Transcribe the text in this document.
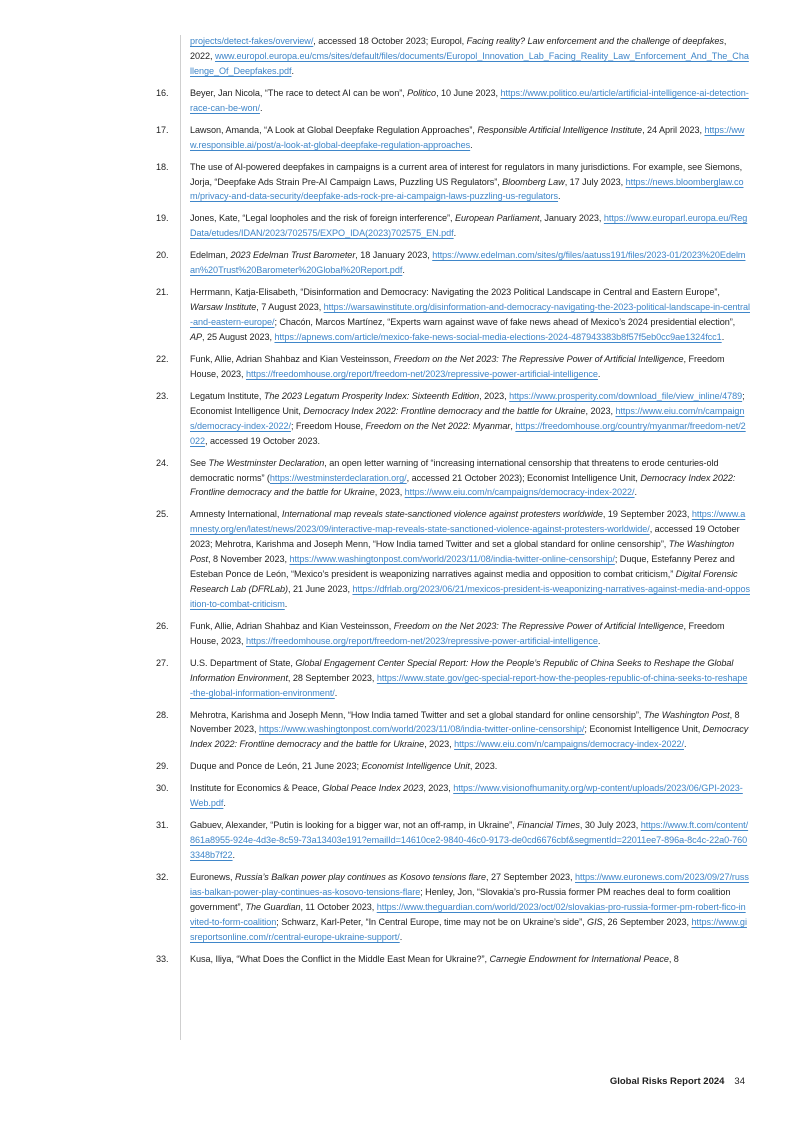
projects/detect-fakes/overview/, accessed 18 October 2023; Europol, Facing reality? Law enforcement and the challenge of deepfakes, 2022, www.europol.europa.eu/cms/sites/default/files/documents/Europol_Innovation_Lab_Facing_Reality_Law_Enforcement_And_The_Challenge_Of_Deepfakes.pdf.
16.	Beyer, Jan Nicola, “The race to detect AI can be won”, Politico, 10 June 2023, https://www.politico.eu/article/artificial-intelligence-ai-detection-race-can-be-won/.
17.	Lawson, Amanda, “A Look at Global Deepfake Regulation Approaches”, Responsible Artificial Intelligence Institute, 24 April 2023, https://www.responsible.ai/post/a-look-at-global-deepfake-regulation-approaches.
18.	The use of AI-powered deepfakes in campaigns is a current area of interest for regulators in many jurisdictions. For example, see Siemons, Jorja, “Deepfake Ads Strain Pre-AI Campaign Laws, Puzzling US Regulators”, Bloomberg Law, 17 July 2023, https://news.bloomberglaw.com/privacy-and-data-security/deepfake-ads-rock-pre-ai-campaign-laws-puzzling-us-regulators.
19.	Jones, Kate, “Legal loopholes and the risk of foreign interference”, European Parliament, January 2023, https://www.europarl.europa.eu/RegData/etudes/IDAN/2023/702575/EXPO_IDA(2023)702575_EN.pdf.
20.	Edelman, 2023 Edelman Trust Barometer, 18 January 2023, https://www.edelman.com/sites/g/files/aatuss191/files/2023-01/2023%20Edelman%20Trust%20Barometer%20Global%20Report.pdf.
21.	Herrmann, Katja-Elisabeth, “Disinformation and Democracy: Navigating the 2023 Political Landscape in Central and Eastern Europe”, Warsaw Institute, 7 August 2023, https://warsawinstitute.org/disinformation-and-democracy-navigating-the-2023-political-landscape-in-central-and-eastern-europe/; Chacón, Marcos Martínez, “Experts warn against wave of fake news ahead of Mexico’s 2024 presidential election”, AP, 25 August 2023, https://apnews.com/article/mexico-fake-news-social-media-elections-2024-487943383b8f57f5eb0cc9ae1324fcc1.
22.	Funk, Allie, Adrian Shahbaz and Kian Vesteinsson, Freedom on the Net 2023: The Repressive Power of Artificial Intelligence, Freedom House, 2023, https://freedomhouse.org/report/freedom-net/2023/repressive-power-artificial-intelligence.
23.	Legatum Institute, The 2023 Legatum Prosperity Index: Sixteenth Edition, 2023, https://www.prosperity.com/download_file/view_inline/4789; Economist Intelligence Unit, Democracy Index 2022: Frontline democracy and the battle for Ukraine, 2023, https://www.eiu.com/n/campaigns/democracy-index-2022/; Freedom House, Freedom on the Net 2022: Myanmar, https://freedomhouse.org/country/myanmar/freedom-net/2022, accessed 19 October 2023.
24.	See The Westminster Declaration, an open letter warning of “increasing international censorship that threatens to erode centuries-old democratic norms” (https://westminsterdeclaration.org/, accessed 21 October 2023); Economist Intelligence Unit, Democracy Index 2022: Frontline democracy and the battle for Ukraine, 2023, https://www.eiu.com/n/campaigns/democracy-index-2022/.
25.	Amnesty International, International map reveals state-sanctioned violence against protesters worldwide, 19 September 2023, https://www.amnesty.org/en/latest/news/2023/09/interactive-map-reveals-state-sanctioned-violence-against-protesters-worldwide/, accessed 19 October 2023; Mehrotra, Karishma and Joseph Menn, “How India tamed Twitter and set a global standard for online censorship”, The Washington Post, 8 November 2023, https://www.washingtonpost.com/world/2023/11/08/india-twitter-online-censorship/; Duque, Estefanny Perez and Esteban Ponce de León, “Mexico’s president is weaponizing narratives against media and opposition to combat criticism,” Digital Forensic Research Lab (DFRLab), 21 June 2023, https://dfrlab.org/2023/06/21/mexicos-president-is-weaponizing-narratives-against-media-and-opposition-to-combat-criticism.
26.	Funk, Allie, Adrian Shahbaz and Kian Vesteinsson, Freedom on the Net 2023: The Repressive Power of Artificial Intelligence, Freedom House, 2023, https://freedomhouse.org/report/freedom-net/2023/repressive-power-artificial-intelligence.
27.	U.S. Department of State, Global Engagement Center Special Report: How the People’s Republic of China Seeks to Reshape the Global Information Environment, 28 September 2023, https://www.state.gov/gec-special-report-how-the-peoples-republic-of-china-seeks-to-reshape-the-global-information-environment/.
28.	Mehrotra, Karishma and Joseph Menn, “How India tamed Twitter and set a global standard for online censorship”, The Washington Post, 8 November 2023, https://www.washingtonpost.com/world/2023/11/08/india-twitter-online-censorship/; Economist Intelligence Unit, Democracy Index 2022: Frontline democracy and the battle for Ukraine, 2023, https://www.eiu.com/n/campaigns/democracy-index-2022/.
29.	Duque and Ponce de León, 21 June 2023; Economist Intelligence Unit, 2023.
30.	Institute for Economics & Peace, Global Peace Index 2023, 2023, https://www.visionofhumanity.org/wp-content/uploads/2023/06/GPI-2023-Web.pdf.
31.	Gabuev, Alexander, “Putin is looking for a bigger war, not an off-ramp, in Ukraine”, Financial Times, 30 July 2023, https://www.ft.com/content/861a8955-924e-4d3e-8c59-73a13403e191?emailId=14610ce2-9840-46c0-9173-de0cd6676cbf&segmentId=22011ee7-896a-8c4c-22a0-7603348b7f22.
32.	Euronews, Russia’s Balkan power play continues as Kosovo tensions flare, 27 September 2023, https://www.euronews.com/2023/09/27/russias-balkan-power-play-continues-as-kosovo-tensions-flare; Henley, Jon, “Slovakia’s pro-Russia former PM reaches deal to form coalition government”, The Guardian, 11 October 2023, https://www.theguardian.com/world/2023/oct/02/slovakias-pro-russia-former-pm-robert-fico-invited-to-form-coalition; Schwarz, Karl-Peter, “In Central Europe, time may not be on Ukraine’s side”, GIS, 26 September 2023, https://www.gisreportsonline.com/r/central-europe-ukraine-support/.
33.	Kusa, Iliya, “What Does the Conflict in the Middle East Mean for Ukraine?”, Carnegie Endowment for International Peace, 8
Global Risks Report 2024 34
